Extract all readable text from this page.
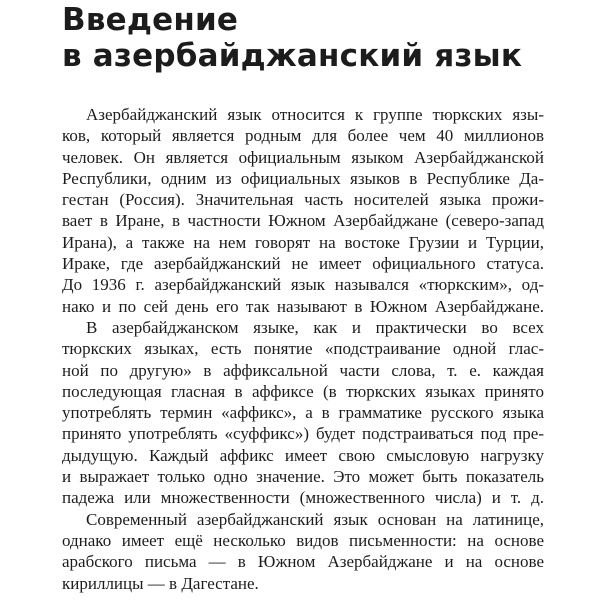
Введение
в азербайджанский язык
Азербайджанский язык относится к группе тюркских язы-
ков, который является родным для более чем 40 миллионов
человек. Он является официальным языком Азербайджанской
Республики, одним из официальных языков в Республике Да-
гестан (Россия). Значительная часть носителей языка прожи-
вает в Иране, в частности Южном Азербайджане (северо-запад
Ирана), а также на нем говорят на востоке Грузии и Турции,
Ираке, где азербайджанский не имеет официального статуса.
До 1936 г. азербайджанский язык назывался «тюркским», од-
нако и по сей день его так называют в Южном Азербайджане.
В азербайджанском языке, как и практически во всех
тюркских языках, есть понятие «подстраивание одной глас-
ной по другую» в аффиксальной части слова, т. е. каждая
последующая гласная в аффиксе (в тюркских языках принято
употреблять термин «аффикс», а в грамматике русского языка
принято употреблять «суффикс») будет подстраиваться под пре-
дыдущую. Каждый аффикс имеет свою смысловую нагрузку
и выражает только одно значение. Это может быть показатель
падежа или множественности (множественного числа) и т. д.
Современный азербайджанский язык основан на латинице,
однако имеет ещё несколько видов письменности: на основе
арабского письма — в Южном Азербайджане и на основе
кириллицы — в Дагестане.
